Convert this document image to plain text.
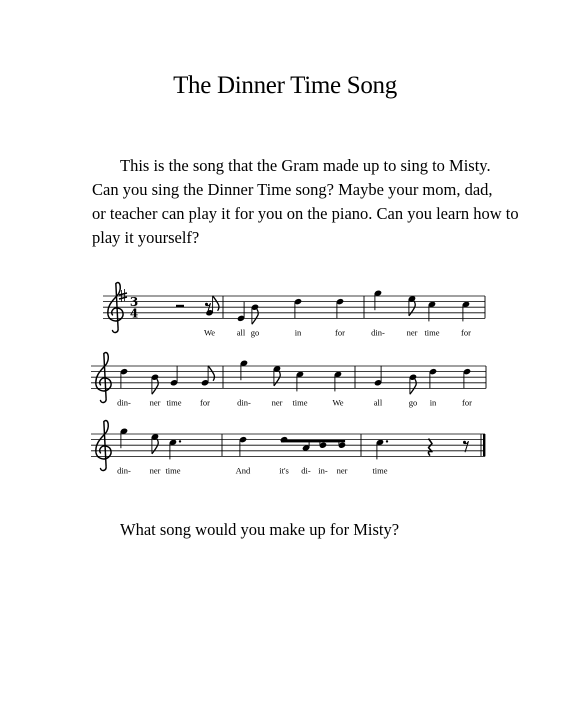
The Dinner Time Song
This is the song that the Gram made up to sing to Misty.
Can you sing the Dinner Time song? Maybe your mom, dad,
or teacher can play it for you on the piano. Can you learn how to
play it yourself?
3
4
We	all go	in	for	din-	ner time	for
din- ner time for	din- ner time	We	all	go in	for
din- ner time	And	it's di- in- ner	time
What song would you make up for Misty?
